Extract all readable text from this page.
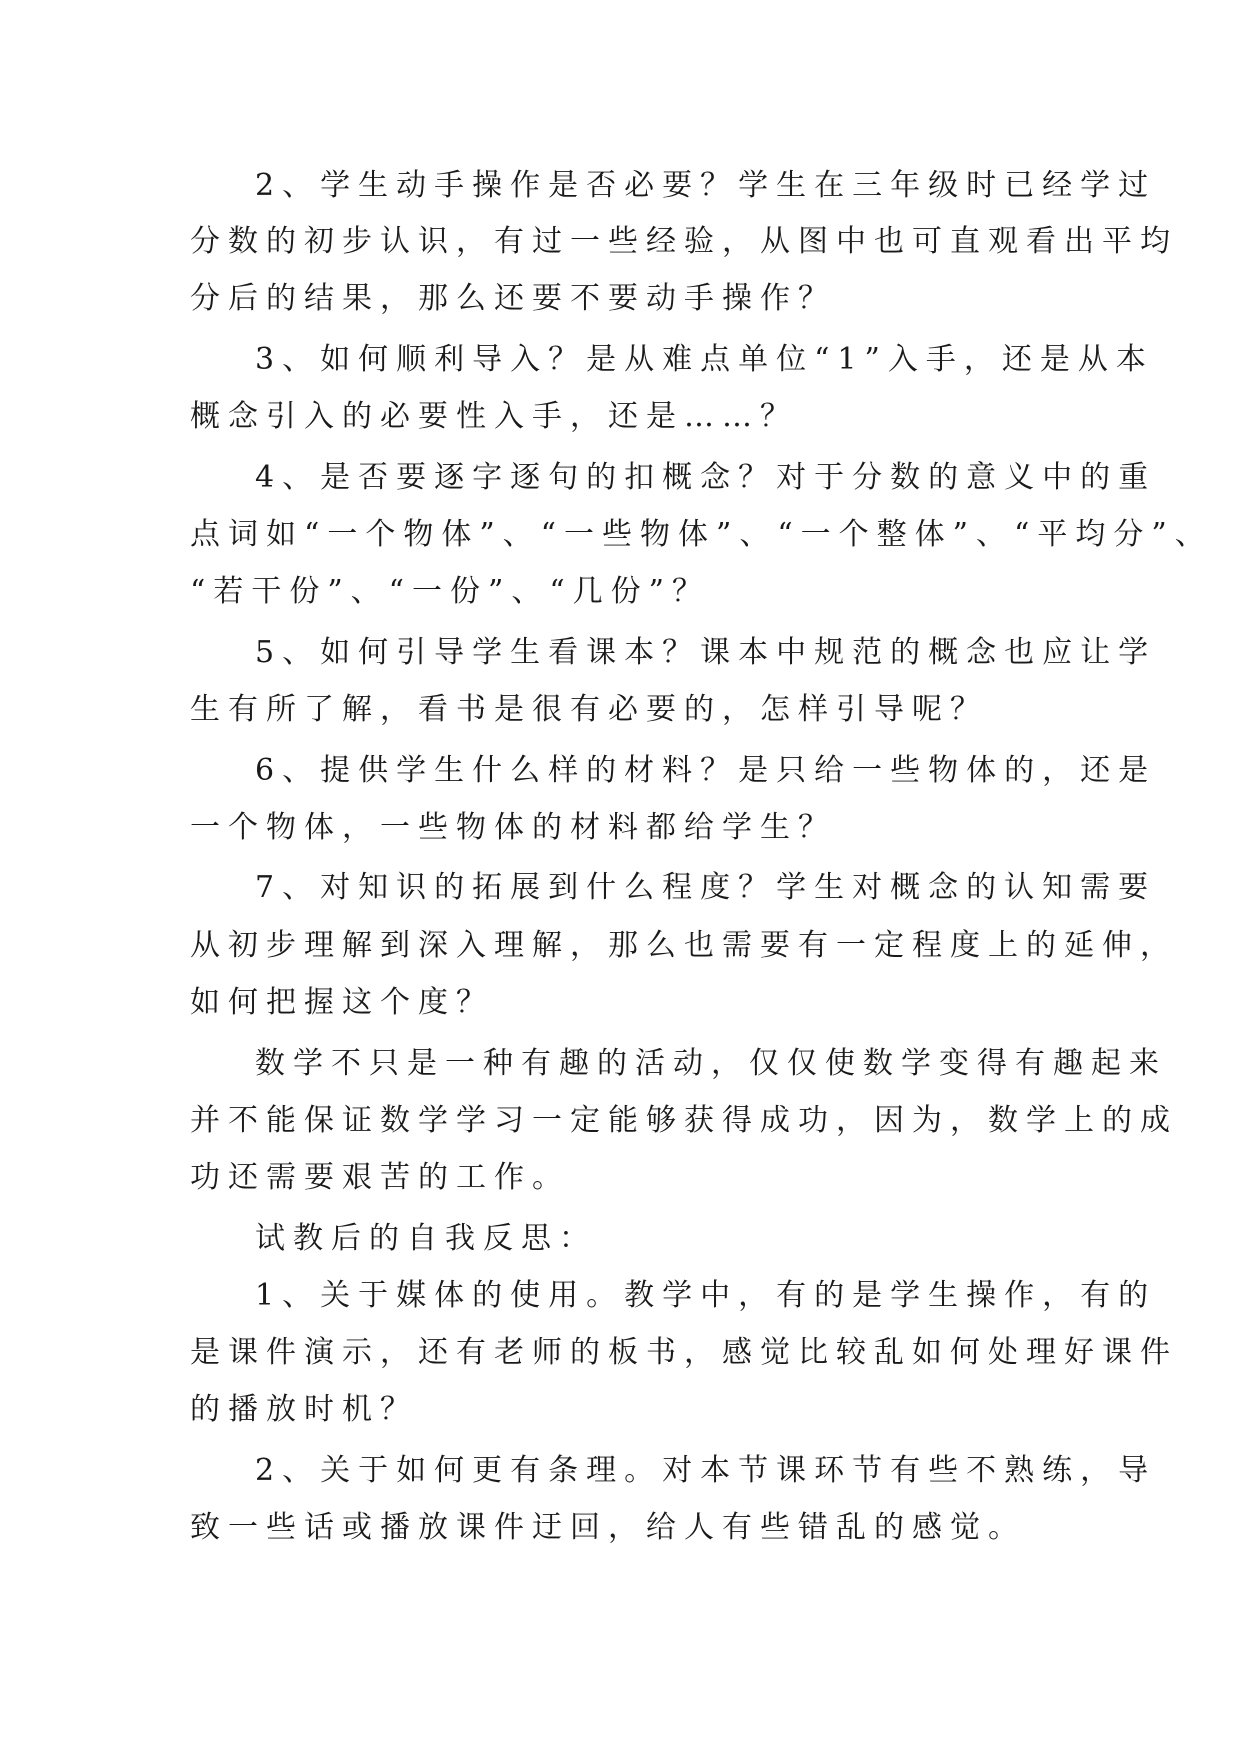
2、学生动手操作是否必要？学生在三年级时已经学过
分数的初步认识，有过一些经验，从图中也可直观看出平均
分后的结果，那么还要不要动手操作？
3、如何顺利导入？是从难点单位“1”入手，还是从本
概念引入的必要性入手，还是……？
4、是否要逐字逐句的扣概念？对于分数的意义中的重
点词如“一个物体”、“一些物体”、“一个整体”、“平均分”、
“若干份”、“一份”、“几份”？
5、如何引导学生看课本？课本中规范的概念也应让学
生有所了解，看书是很有必要的，怎样引导呢？
6、提供学生什么样的材料？是只给一些物体的，还是
一个物体，一些物体的材料都给学生？
7、对知识的拓展到什么程度？学生对概念的认知需要
从初步理解到深入理解，那么也需要有一定程度上的延伸，
如何把握这个度？
数学不只是一种有趣的活动，仅仅使数学变得有趣起来
并不能保证数学学习一定能够获得成功，因为，数学上的成
功还需要艰苦的工作。
试教后的自我反思：
1、关于媒体的使用。教学中，有的是学生操作，有的
是课件演示，还有老师的板书，感觉比较乱如何处理好课件
的播放时机？
2、关于如何更有条理。对本节课环节有些不熟练，导
致一些话或播放课件迂回，给人有些错乱的感觉。
